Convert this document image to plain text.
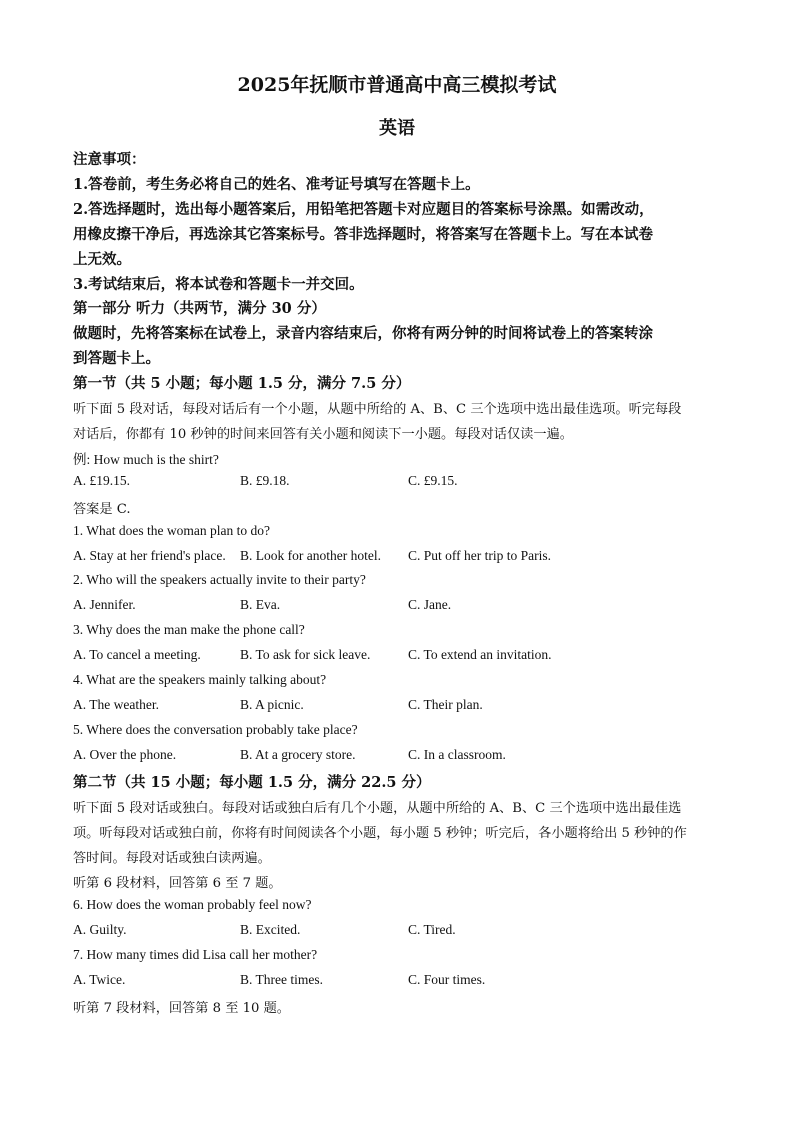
2025年抚顺市普通高中高三模拟考试
英语
注意事项：
1.答卷前，考生务必将自己的姓名、准考证号填写在答题卡上。
2.答选择题时，选出每小题答案后，用铅笔把答题卡对应题目的答案标号涂黑。如需改动，
用橡皮擦干净后，再选涂其它答案标号。答非选择题时，将答案写在答题卡上。写在本试卷
上无效。
3.考试结束后，将本试卷和答题卡一并交回。
第一部分 听力（共两节，满分 30 分）
做题时，先将答案标在试卷上，录音内容结束后，你将有两分钟的时间将试卷上的答案转涂
到答题卡上。
第一节（共 5 小题；每小题 1.5 分，满分 7.5 分）
听下面 5 段对话，每段对话后有一个小题，从题中所给的 A、B、C 三个选项中选出最佳选项。听完每段
对话后，你都有 10 秒钟的时间来回答有关小题和阅读下一小题。每段对话仅读一遍。
例: How much is the shirt?
A. £19.15.	B. £9.18.	C. £9.15.
答案是 C.
1. What does the woman plan to do?
A. Stay at her friend's place. B. Look for another hotel. C. Put off her trip to Paris.
2. Who will the speakers actually invite to their party?
A. Jennifer.	B. Eva.	C. Jane.
3. Why does the man make the phone call?
A. To cancel a meeting.	B. To ask for sick leave.	C. To extend an invitation.
4. What are the speakers mainly talking about?
A. The weather.	B. A picnic.	C. Their plan.
5. Where does the conversation probably take place?
A. Over the phone.	B. At a grocery store.	C. In a classroom.
第二节（共 15 小题；每小题 1.5 分，满分 22.5 分）
听下面 5 段对话或独白。每段对话或独白后有几个小题，从题中所给的 A、B、C 三个选项中选出最佳选
项。听每段对话或独白前，你将有时间阅读各个小题，每小题 5 秒钟；听完后，各小题将给出 5 秒钟的作
答时间。每段对话或独白读两遍。
听第 6 段材料，回答第 6 至 7 题。
6. How does the woman probably feel now?
A. Guilty.	B. Excited.	C. Tired.
7. How many times did Lisa call her mother?
A. Twice.	B. Three times.	C. Four times.
听第 7 段材料，回答第 8 至 10 题。
